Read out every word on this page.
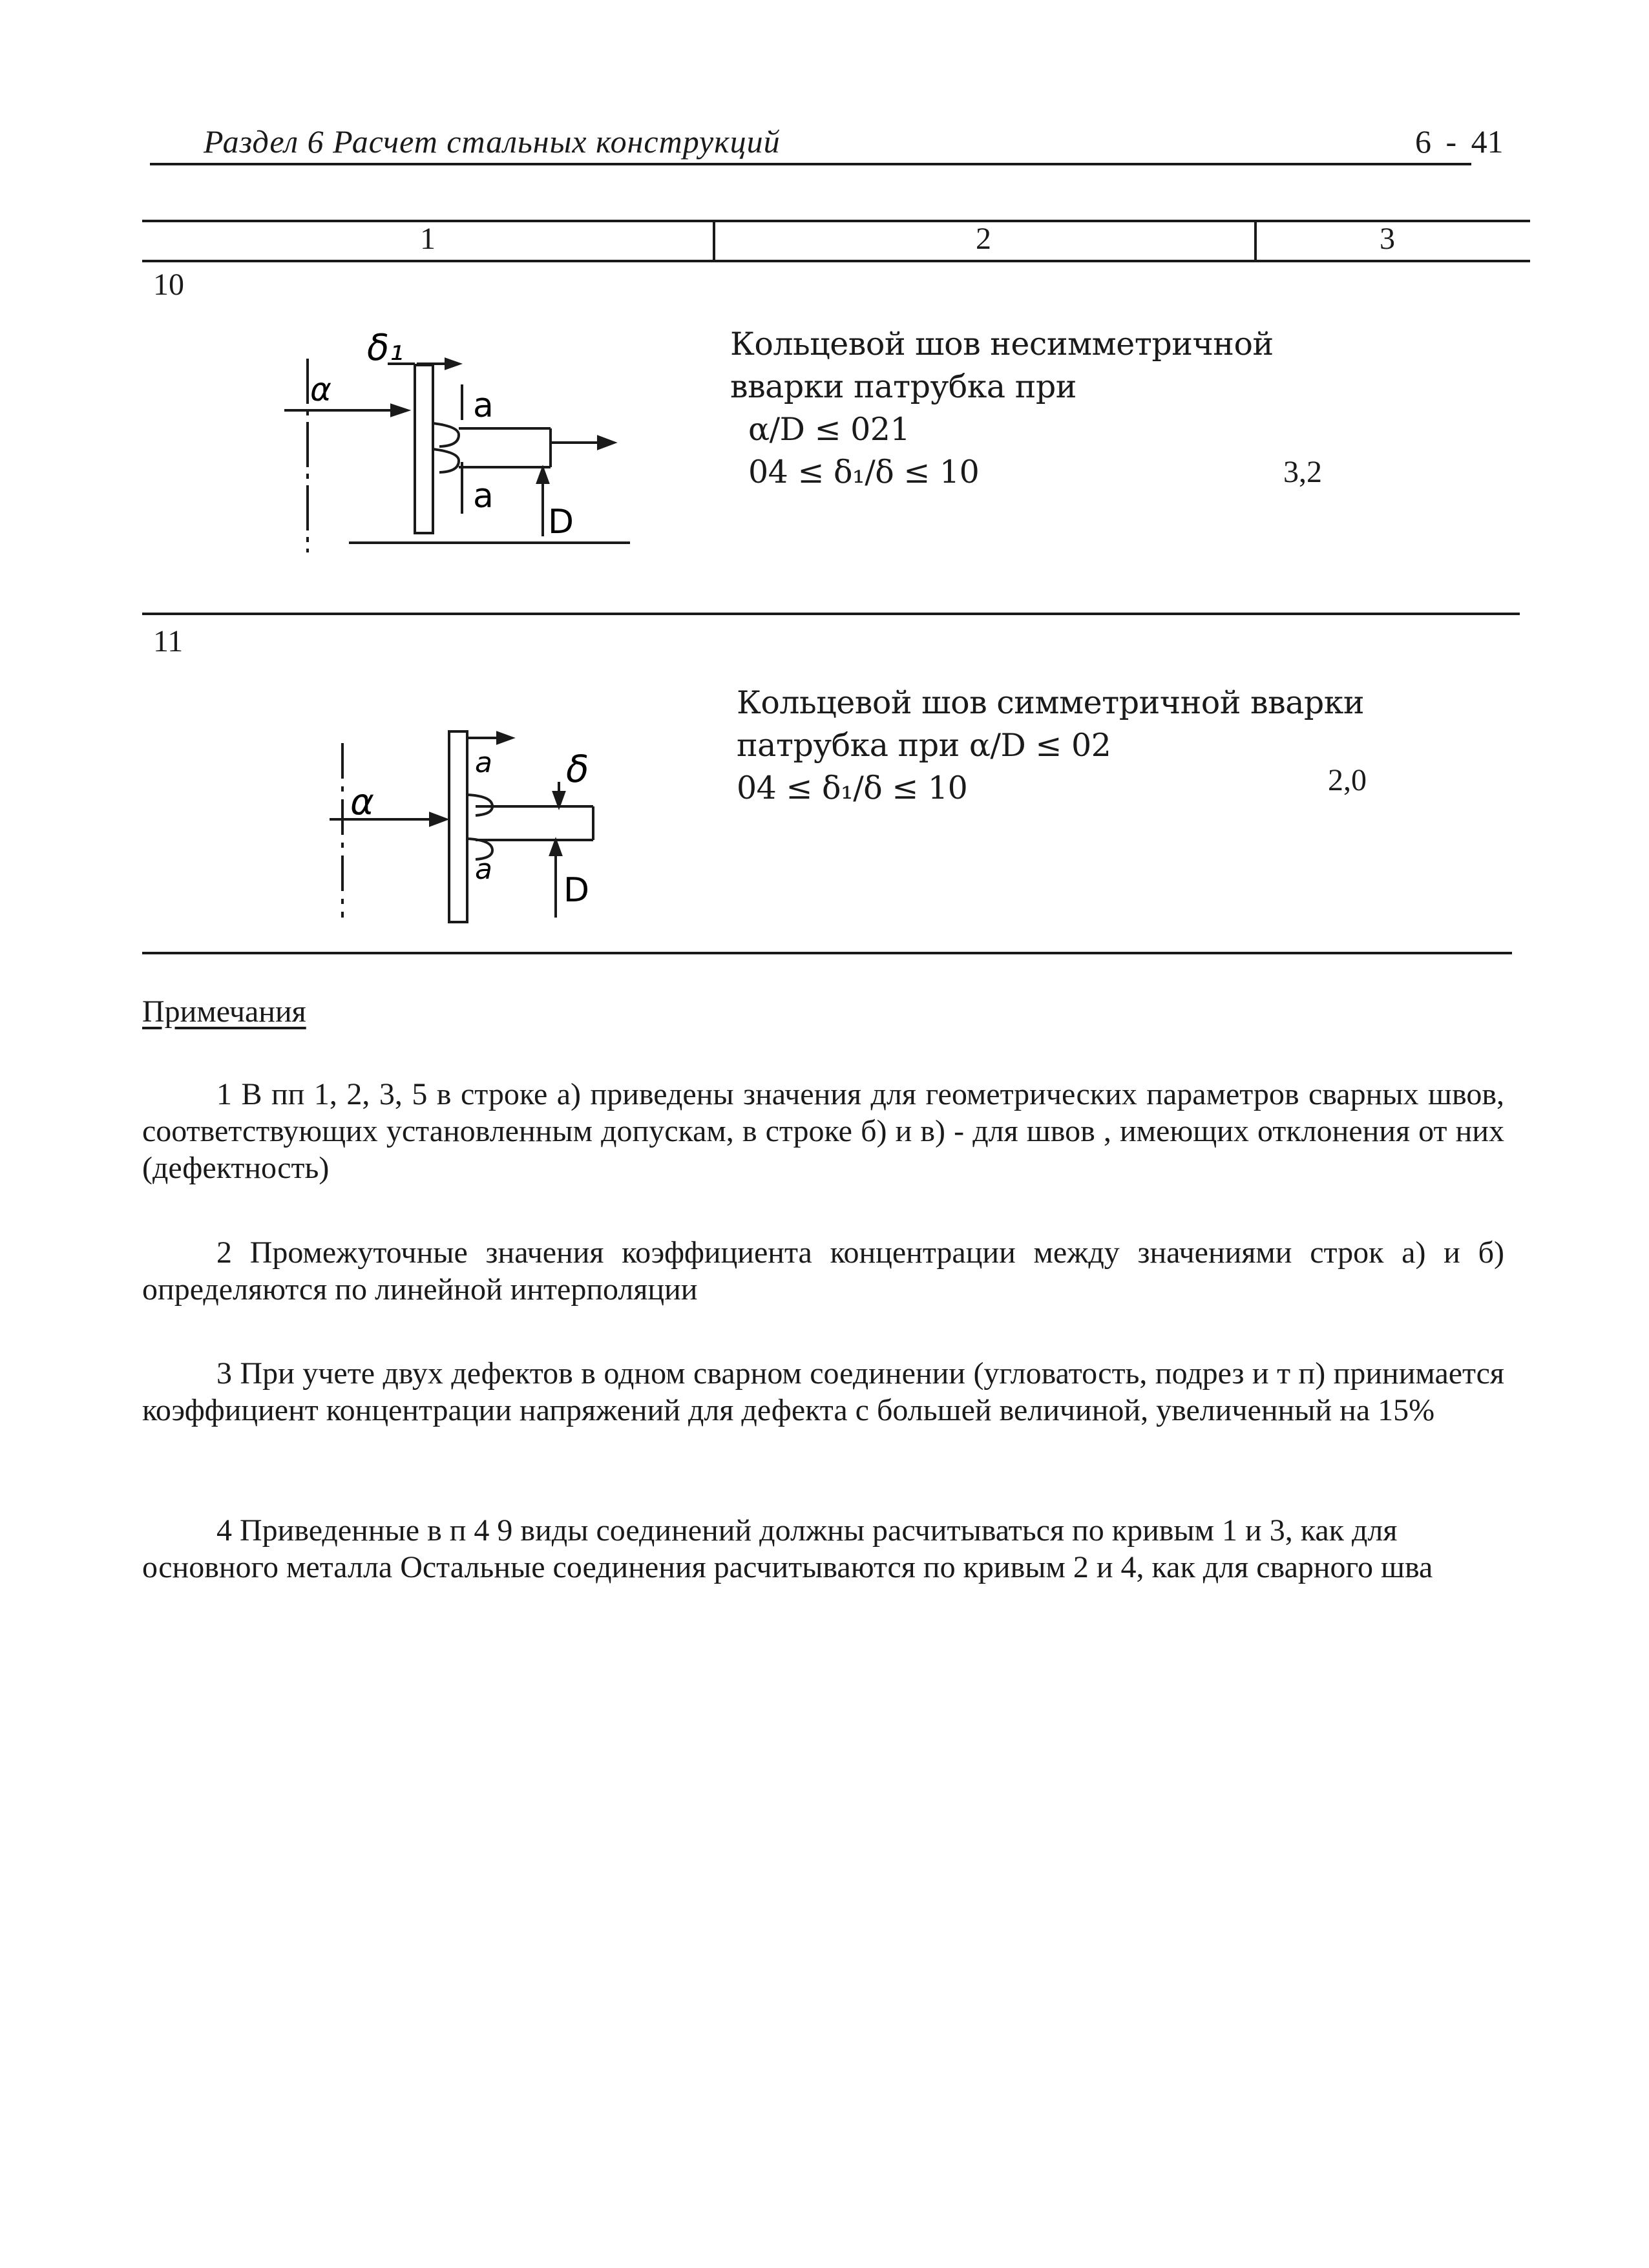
Раздел 6 Расчет стальных конструкций	6 - 41
1	2	3
10
α
δ₁
a
a
D
Кольцевой шов несимметричной
вварки патрубка при
α/D ≤ 021
04 ≤ δ₁/δ ≤ 10	3,2
11
α
a
a
δ
D
Кольцевой шов симметричной вварки
патрубка при α/D ≤ 02
04 ≤ δ₁/δ ≤ 10	2,0
Примечания

1 В пп 1, 2, 3, 5 в строке а) приведены значения для геометрических параметров сварных швов, соответствующих установленным допускам, в строке б) и в) - для швов , имеющих отклонения от них (дефектность)

2 Промежуточные значения коэффициента концентрации между значениями строк а) и б) определяются по линейной интерполяции

3 При учете двух дефектов в одном сварном соединении (угловатость, подрез и т п) принимается коэффициент концентрации напряжений для дефекта с большей величиной, увеличенный на 15%

4 Приведенные в п 4 9 виды соединений должны расчитываться по кривым 1 и 3, как для основного металла Остальные соединения расчитываются по кривым 2 и 4, как для сварного шва
